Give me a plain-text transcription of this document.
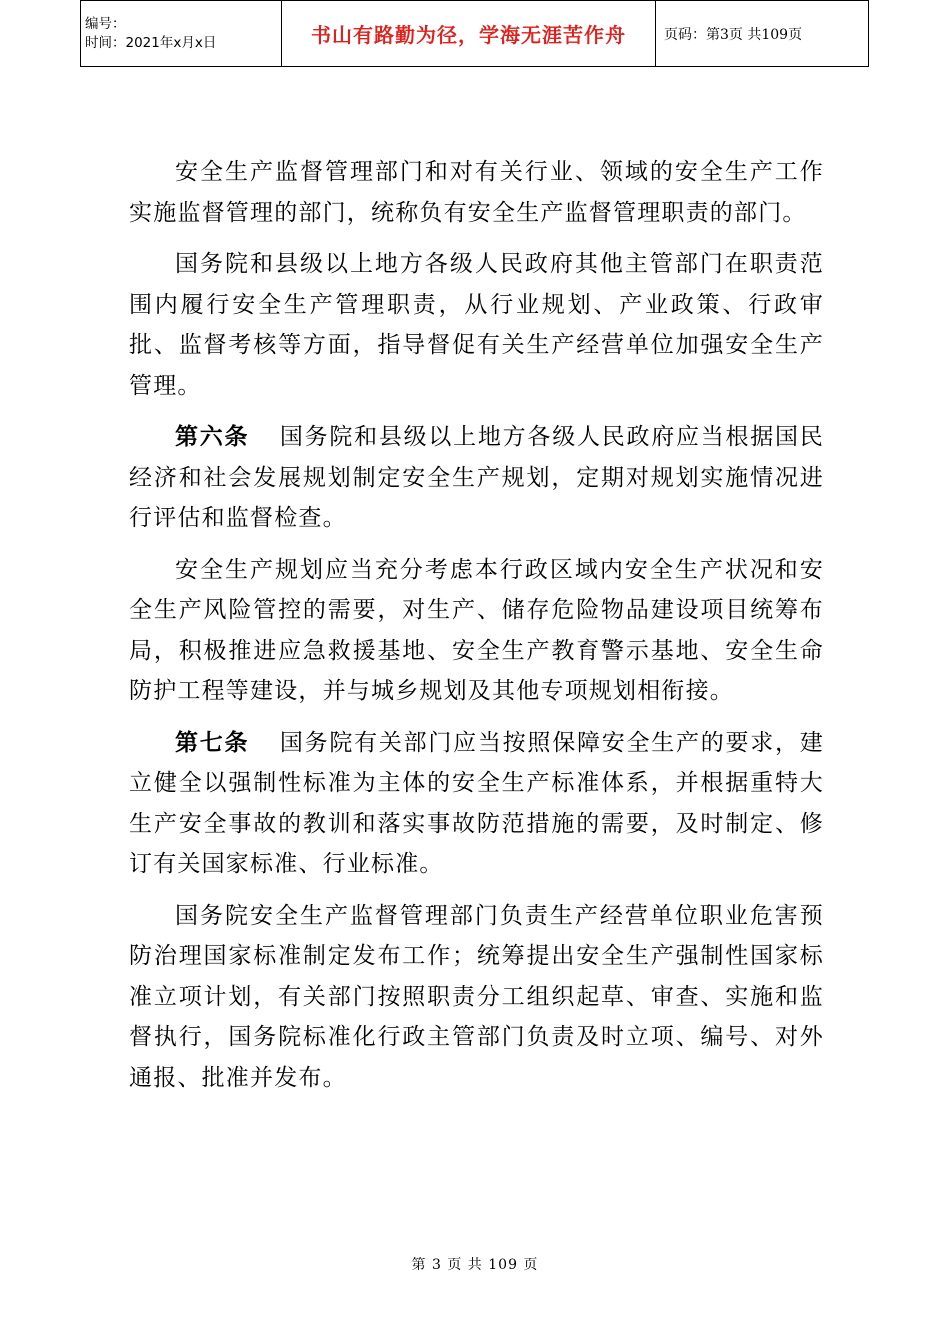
编号：
时间：2021年x月x日	书山有路勤为径，学海无涯苦作舟	页码：第3页 共109页

安全生产监督管理部门和对有关行业、领域的安全生产工作实施监督管理的部门，统称负有安全生产监督管理职责的部门。

国务院和县级以上地方各级人民政府其他主管部门在职责范围内履行安全生产管理职责，从行业规划、产业政策、行政审批、监督考核等方面，指导督促有关生产经营单位加强安全生产管理。

第六条 国务院和县级以上地方各级人民政府应当根据国民经济和社会发展规划制定安全生产规划，定期对规划实施情况进行评估和监督检查。

安全生产规划应当充分考虑本行政区域内安全生产状况和安全生产风险管控的需要，对生产、储存危险物品建设项目统筹布局，积极推进应急救援基地、安全生产教育警示基地、安全生命防护工程等建设，并与城乡规划及其他专项规划相衔接。

第七条 国务院有关部门应当按照保障安全生产的要求，建立健全以强制性标准为主体的安全生产标准体系，并根据重特大生产安全事故的教训和落实事故防范措施的需要，及时制定、修订有关国家标准、行业标准。

国务院安全生产监督管理部门负责生产经营单位职业危害预防治理国家标准制定发布工作；统筹提出安全生产强制性国家标准立项计划，有关部门按照职责分工组织起草、审查、实施和监督执行，国务院标准化行政主管部门负责及时立项、编号、对外通报、批准并发布。

第 3 页 共 109 页
